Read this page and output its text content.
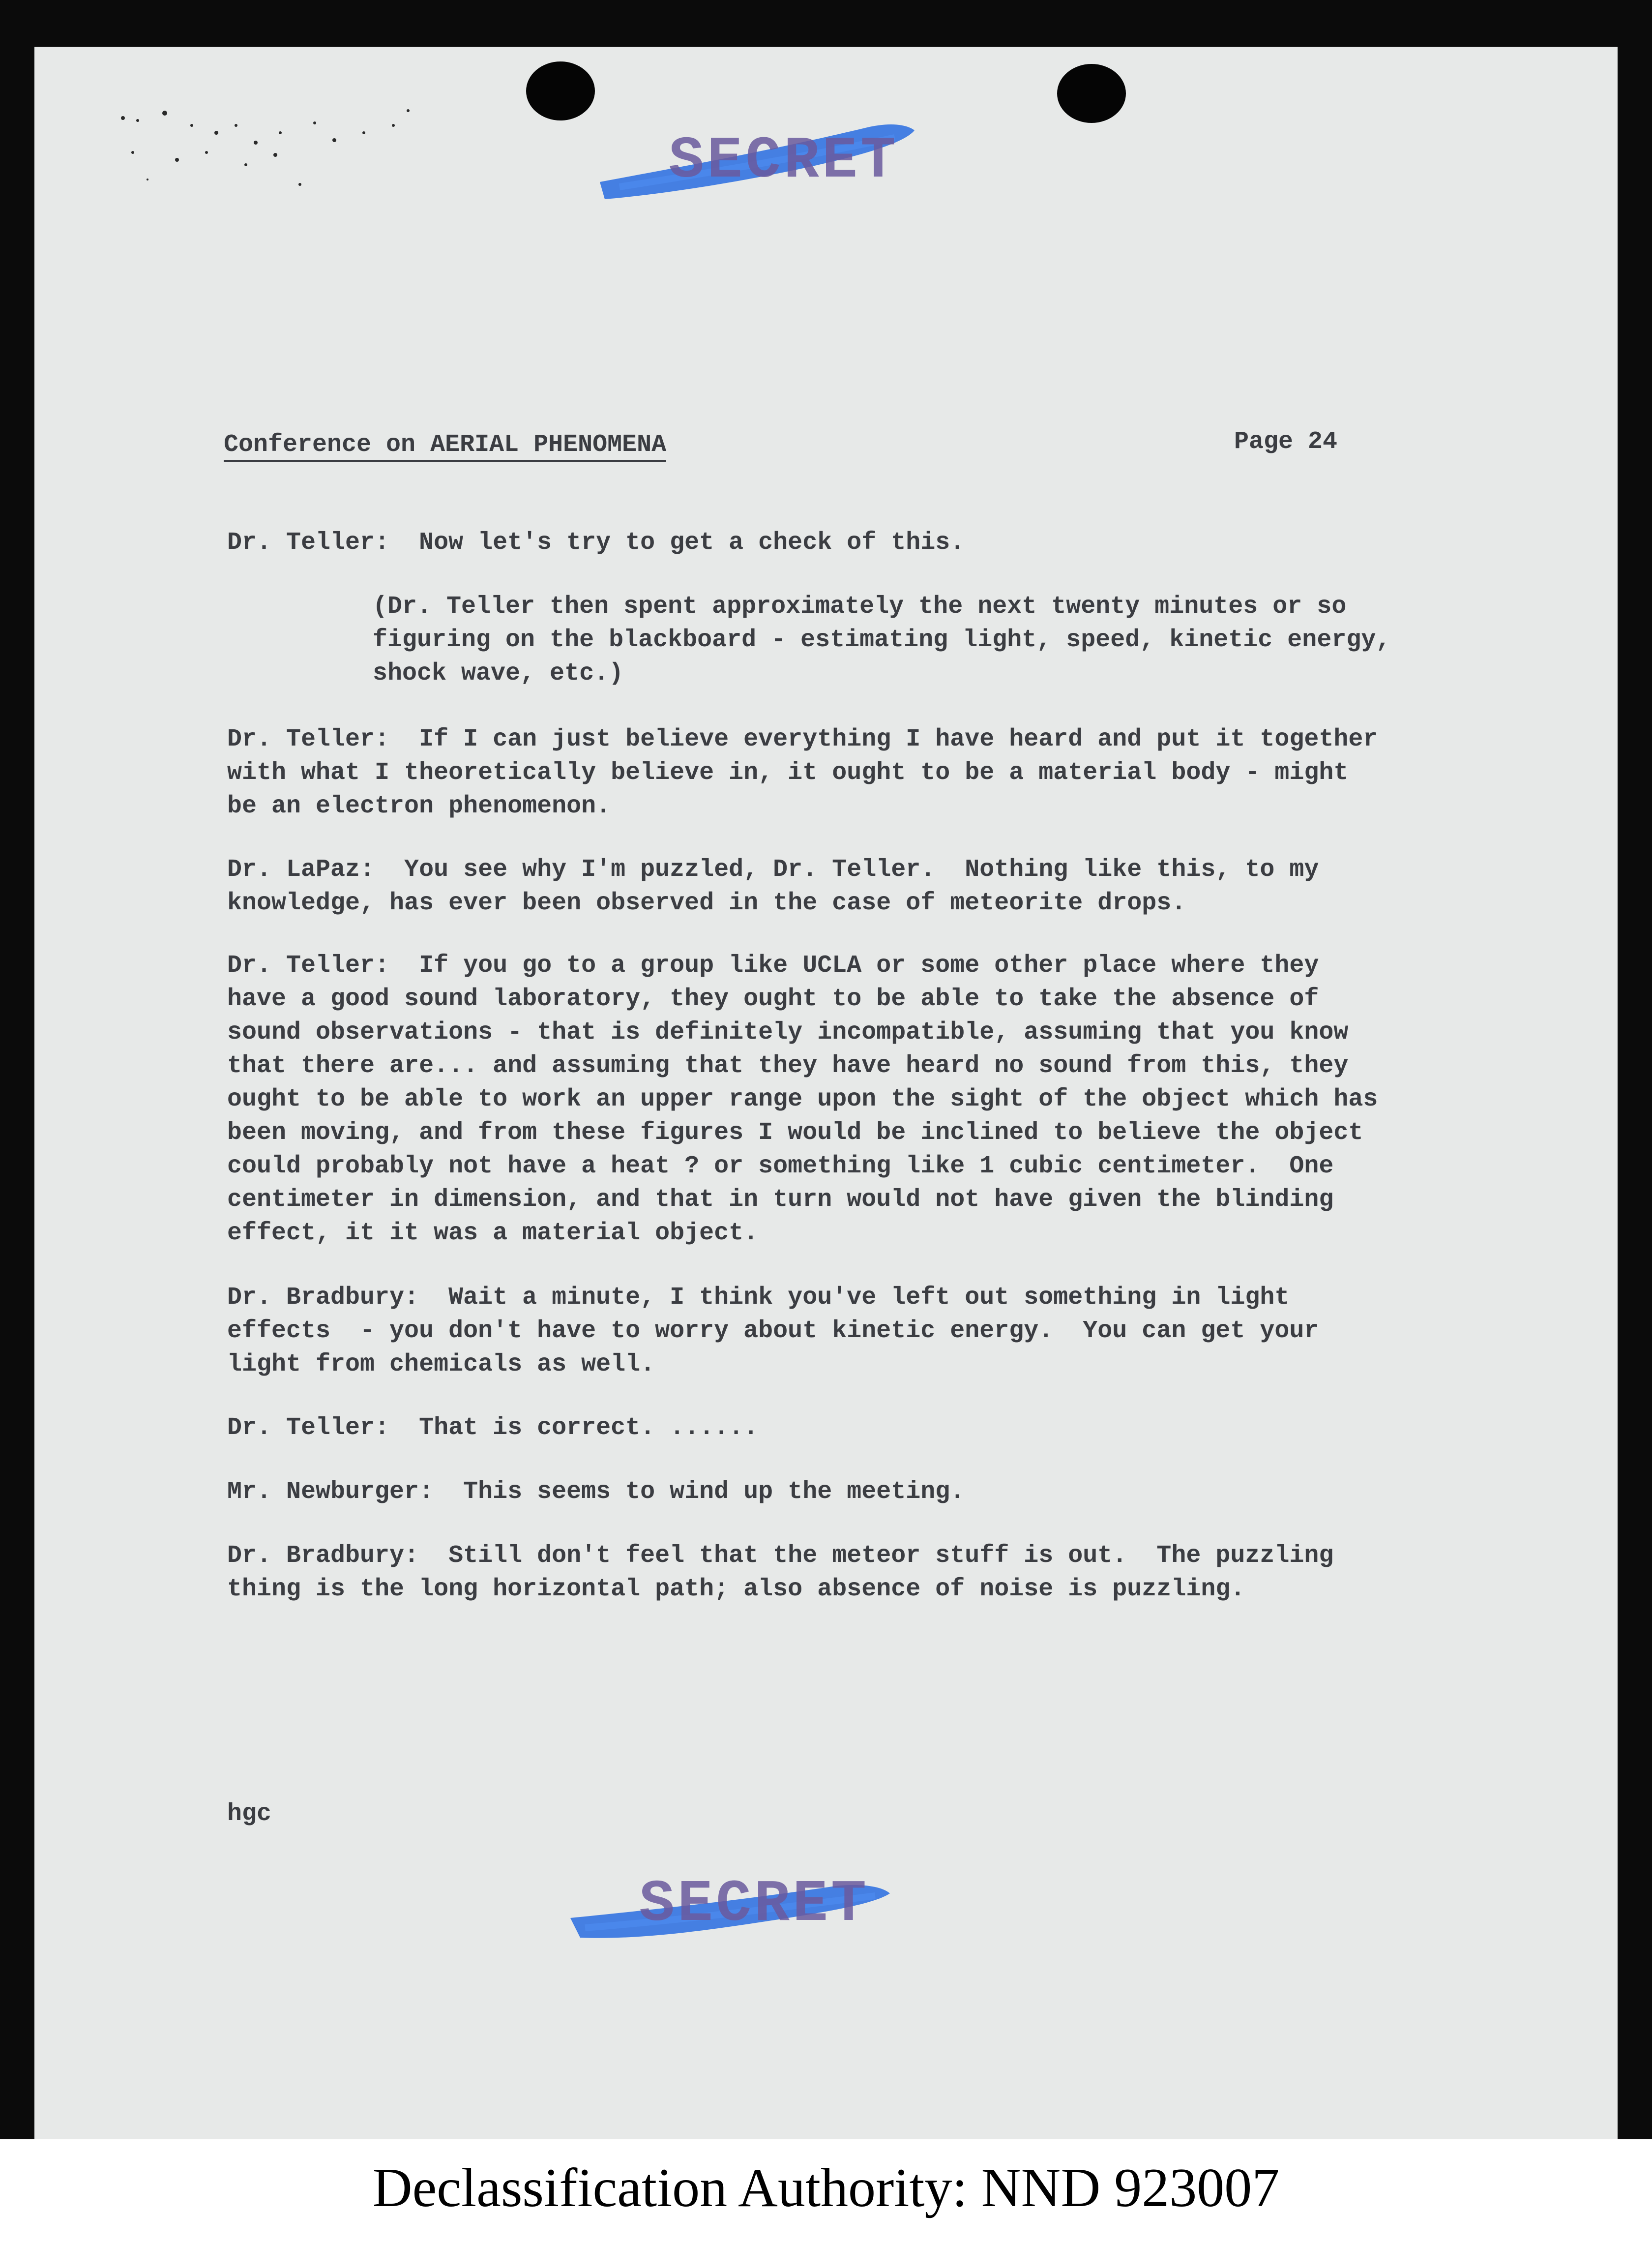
SECRET

Conference on AERIAL PHENOMENA	Page 24

Dr. Teller:  Now let's try to get a check of this.

(Dr. Teller then spent approximately the next twenty minutes or so
figuring on the blackboard - estimating light, speed, kinetic energy,
shock wave, etc.)

Dr. Teller:  If I can just believe everything I have heard and put it together
with what I theoretically believe in, it ought to be a material body - might
be an electron phenomenon.

Dr. LaPaz:  You see why I'm puzzled, Dr. Teller.  Nothing like this, to my
knowledge, has ever been observed in the case of meteorite drops.

Dr. Teller:  If you go to a group like UCLA or some other place where they
have a good sound laboratory, they ought to be able to take the absence of
sound observations - that is definitely incompatible, assuming that you know
that there are... and assuming that they have heard no sound from this, they
ought to be able to work an upper range upon the sight of the object which has
been moving, and from these figures I would be inclined to believe the object
could probably not have a heat ? or something like 1 cubic centimeter.  One
centimeter in dimension, and that in turn would not have given the blinding
effect, it it was a material object.

Dr. Bradbury:  Wait a minute, I think you've left out something in light
effects  - you don't have to worry about kinetic energy.  You can get your
light from chemicals as well.

Dr. Teller:  That is correct. ......

Mr. Newburger:  This seems to wind up the meeting.

Dr. Bradbury:  Still don't feel that the meteor stuff is out.  The puzzling
thing is the long horizontal path; also absence of noise is puzzling.

hgc

SECRET

Declassification Authority: NND 923007
